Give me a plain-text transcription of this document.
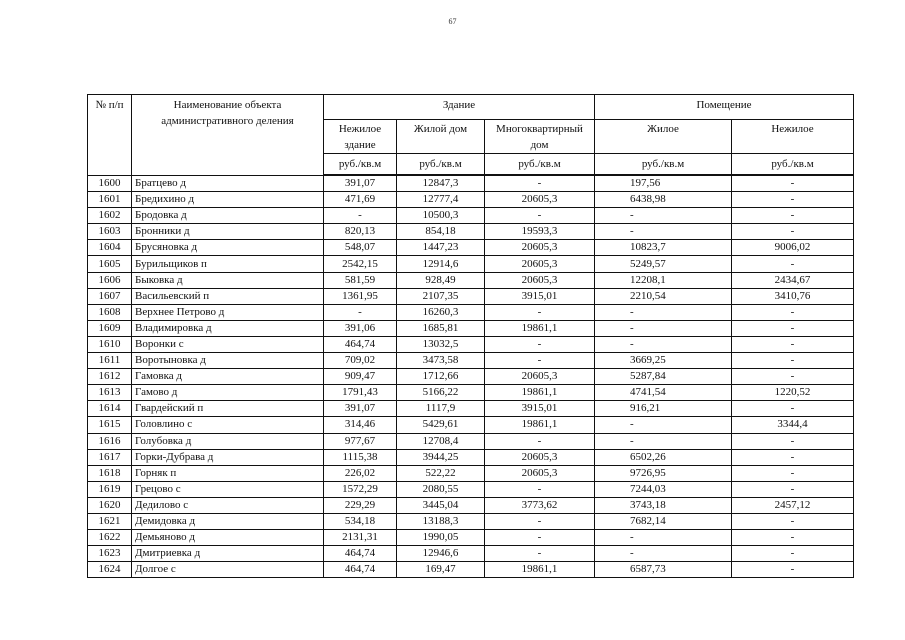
67
№ п/п	Наименование объекта административного деления	Здание			Помещение	
		Нежилое здание	Жилой дом	Многоквартирный дом	Жилое	Нежилое
		руб./кв.м	руб./кв.м	руб./кв.м	руб./кв.м	руб./кв.м
1600	Братцево д	391,07	12847,3	-	197,56	-
1601	Бредихино д	471,69	12777,4	20605,3	6438,98	-
1602	Бродовка д	-	10500,3	-	-	-
1603	Бронники д	820,13	854,18	19593,3	-	-
1604	Брусяновка д	548,07	1447,23	20605,3	10823,7	9006,02
1605	Бурильщиков п	2542,15	12914,6	20605,3	5249,57	-
1606	Быковка д	581,59	928,49	20605,3	12208,1	2434,67
1607	Васильевский п	1361,95	2107,35	3915,01	2210,54	3410,76
1608	Верхнее Петрово д	-	16260,3	-	-	-
1609	Владимировка д	391,06	1685,81	19861,1	-	-
1610	Воронки с	464,74	13032,5	-	-	-
1611	Воротыновка д	709,02	3473,58	-	3669,25	-
1612	Гамовка д	909,47	1712,66	20605,3	5287,84	-
1613	Гамово д	1791,43	5166,22	19861,1	4741,54	1220,52
1614	Гвардейский п	391,07	1117,9	3915,01	916,21	-
1615	Головлино с	314,46	5429,61	19861,1	-	3344,4
1616	Голубовка д	977,67	12708,4	-	-	-
1617	Горки-Дубрава д	1115,38	3944,25	20605,3	6502,26	-
1618	Горняк п	226,02	522,22	20605,3	9726,95	-
1619	Грецово с	1572,29	2080,55	-	7244,03	-
1620	Дедилово с	229,29	3445,04	3773,62	3743,18	2457,12
1621	Демидовка д	534,18	13188,3	-	7682,14	-
1622	Демьяново д	2131,31	1990,05	-	-	-
1623	Дмитриевка д	464,74	12946,6	-	-	-
1624	Долгое с	464,74	169,47	19861,1	6587,73	-
